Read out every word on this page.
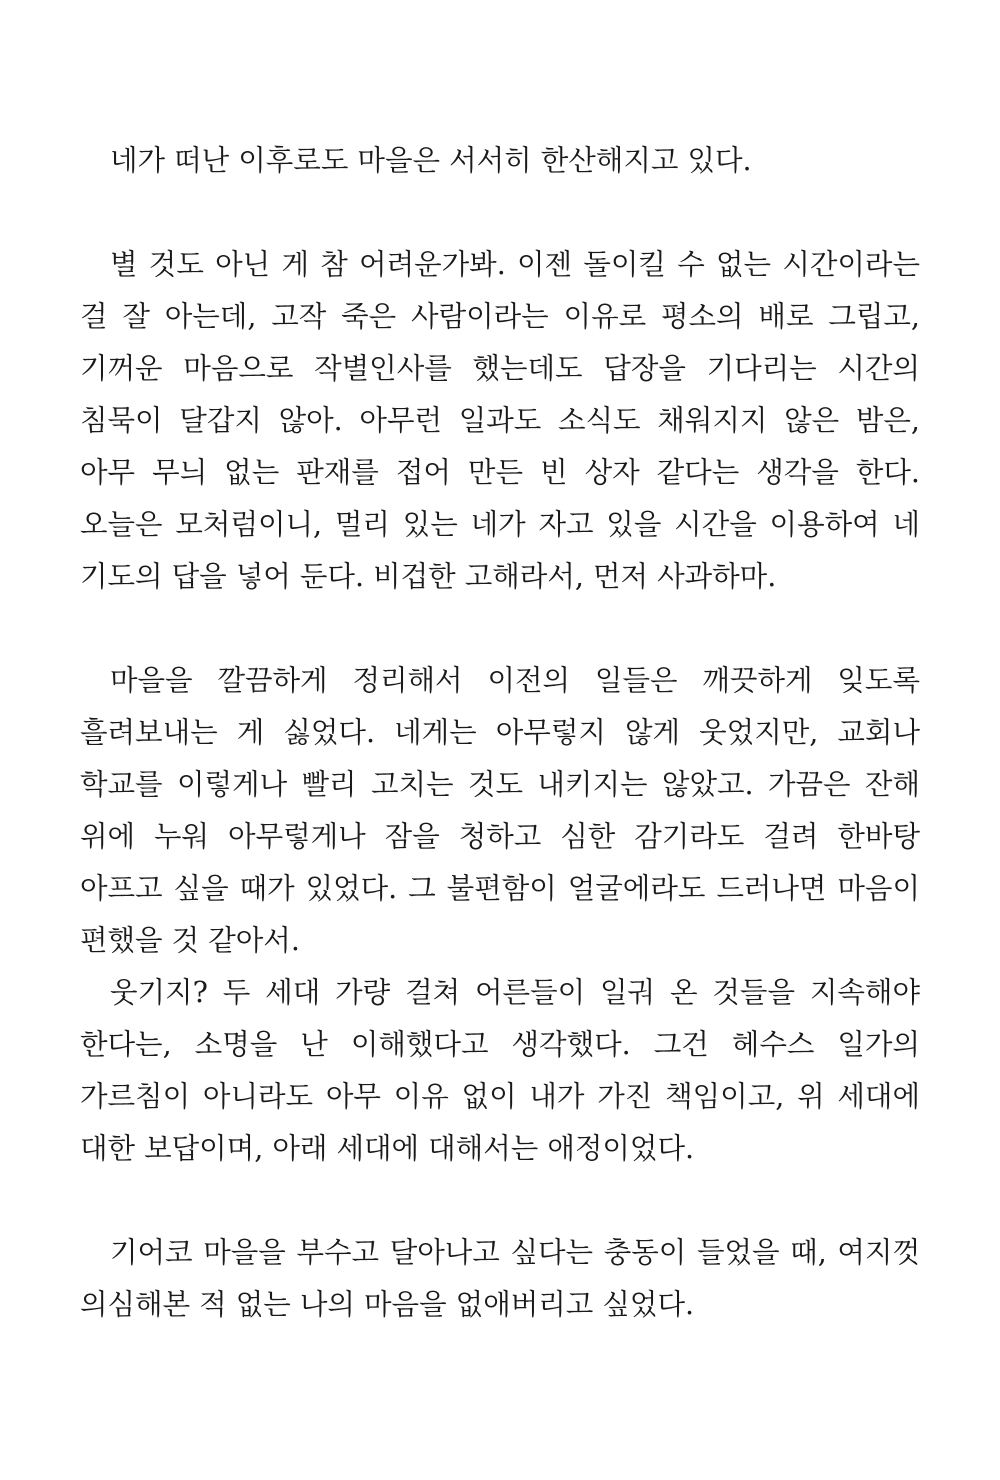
네가 떠난 이후로도 마을은 서서히 한산해지고 있다.
별 것도 아닌 게 참 어려운가봐. 이젠 돌이킬 수 없는 시간이라는
걸 잘 아는데, 고작 죽은 사람이라는 이유로 평소의 배로 그립고,
기꺼운 마음으로 작별인사를 했는데도 답장을 기다리는 시간의
침묵이 달갑지 않아. 아무런 일과도 소식도 채워지지 않은 밤은,
아무 무늬 없는 판재를 접어 만든 빈 상자 같다는 생각을 한다.
오늘은 모처럼이니, 멀리 있는 네가 자고 있을 시간을 이용하여 네
기도의 답을 넣어 둔다. 비겁한 고해라서, 먼저 사과하마.
마을을 깔끔하게 정리해서 이전의 일들은 깨끗하게 잊도록
흘려보내는 게 싫었다. 네게는 아무렇지 않게 웃었지만, 교회나
학교를 이렇게나 빨리 고치는 것도 내키지는 않았고. 가끔은 잔해
위에 누워 아무렇게나 잠을 청하고 심한 감기라도 걸려 한바탕
아프고 싶을 때가 있었다. 그 불편함이 얼굴에라도 드러나면 마음이
편했을 것 같아서.
웃기지? 두 세대 가량 걸쳐 어른들이 일궈 온 것들을 지속해야
한다는, 소명을 난 이해했다고 생각했다. 그건 헤수스 일가의
가르침이 아니라도 아무 이유 없이 내가 가진 책임이고, 위 세대에
대한 보답이며, 아래 세대에 대해서는 애정이었다.
기어코 마을을 부수고 달아나고 싶다는 충동이 들었을 때, 여지껏
의심해본 적 없는 나의 마음을 없애버리고 싶었다.
